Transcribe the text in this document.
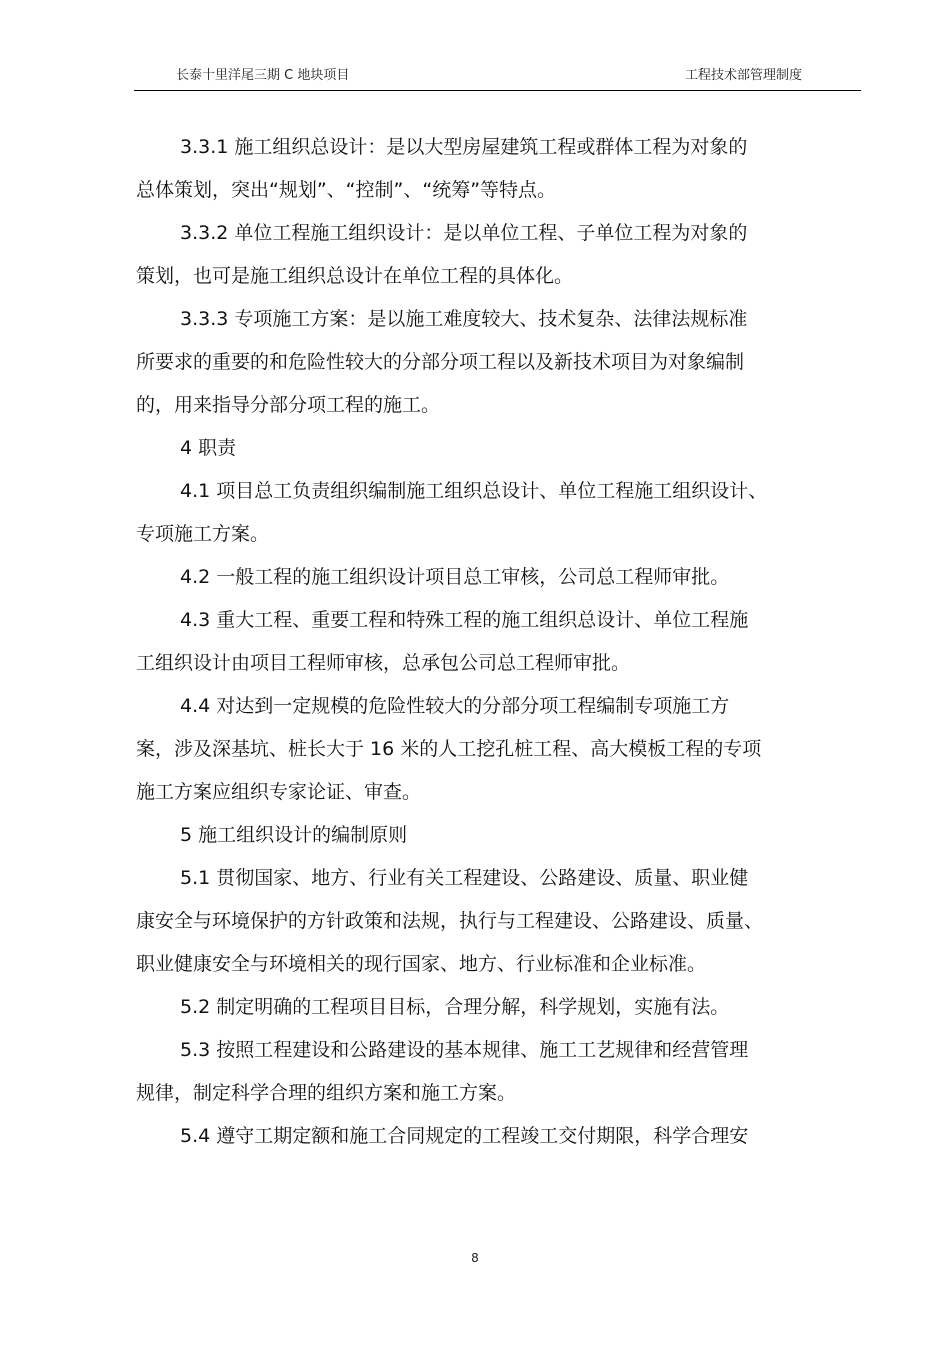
长泰十里洋尾三期 C 地块项目	工程技术部管理制度
3.3.1 施工组织总设计：是以大型房屋建筑工程或群体工程为对象的
总体策划，突出“规划”、“控制”、“统筹”等特点。
3.3.2 单位工程施工组织设计：是以单位工程、子单位工程为对象的
策划，也可是施工组织总设计在单位工程的具体化。
3.3.3 专项施工方案：是以施工难度较大、技术复杂、法律法规标准
所要求的重要的和危险性较大的分部分项工程以及新技术项目为对象编制
的，用来指导分部分项工程的施工。
4 职责
4.1 项目总工负责组织编制施工组织总设计、单位工程施工组织设计、
专项施工方案。
4.2 一般工程的施工组织设计项目总工审核，公司总工程师审批。
4.3 重大工程、重要工程和特殊工程的施工组织总设计、单位工程施
工组织设计由项目工程师审核，总承包公司总工程师审批。
4.4 对达到一定规模的危险性较大的分部分项工程编制专项施工方
案，涉及深基坑、桩长大于 16 米的人工挖孔桩工程、高大模板工程的专项
施工方案应组织专家论证、审查。
5 施工组织设计的编制原则
5.1 贯彻国家、地方、行业有关工程建设、公路建设、质量、职业健
康安全与环境保护的方针政策和法规，执行与工程建设、公路建设、质量、
职业健康安全与环境相关的现行国家、地方、行业标准和企业标准。
5.2 制定明确的工程项目目标，合理分解，科学规划，实施有法。
5.3 按照工程建设和公路建设的基本规律、施工工艺规律和经营管理
规律，制定科学合理的组织方案和施工方案。
5.4 遵守工期定额和施工合同规定的工程竣工交付期限，科学合理安
8
